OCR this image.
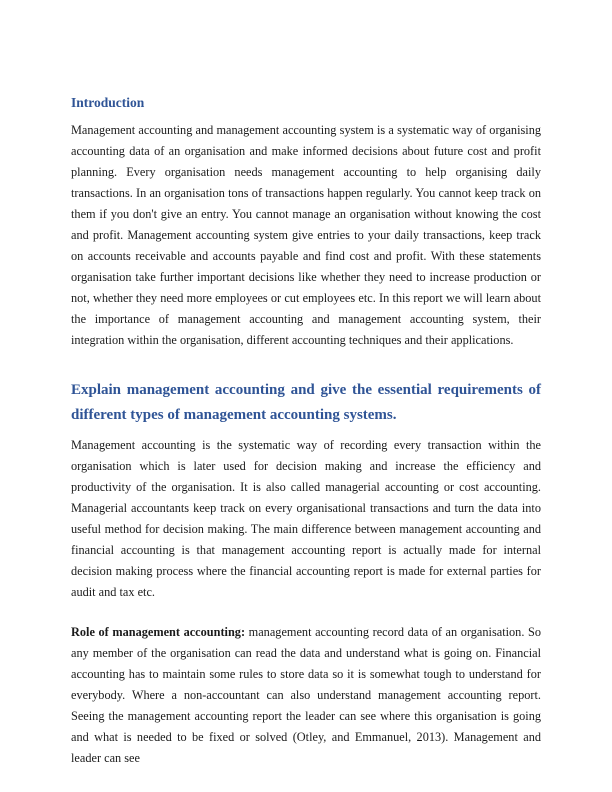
Introduction

Management accounting and management accounting system is a systematic way of organising accounting data of an organisation and make informed decisions about future cost and profit planning. Every organisation needs management accounting to help organising daily transactions. In an organisation tons of transactions happen regularly. You cannot keep track on them if you don't give an entry. You cannot manage an organisation without knowing the cost and profit. Management accounting system give entries to your daily transactions, keep track on accounts receivable and accounts payable and find cost and profit. With these statements organisation take further important decisions like whether they need to increase production or not, whether they need more employees or cut employees etc. In this report we will learn about the importance of management accounting and management accounting system, their integration within the organisation, different accounting techniques and their applications.

Explain management accounting and give the essential requirements of different types of management accounting systems.

Management accounting is the systematic way of recording every transaction within the organisation which is later used for decision making and increase the efficiency and productivity of the organisation. It is also called managerial accounting or cost accounting. Managerial accountants keep track on every organisational transactions and turn the data into useful method for decision making. The main difference between management accounting and financial accounting is that management accounting report is actually made for internal decision making process where the financial accounting report is made for external parties for audit and tax etc.

Role of management accounting: management accounting record data of an organisation. So any member of the organisation can read the data and understand what is going on. Financial accounting has to maintain some rules to store data so it is somewhat tough to understand for everybody. Where a non-accountant can also understand management accounting report. Seeing the management accounting report the leader can see where this organisation is going and what is needed to be fixed or solved (Otley, and Emmanuel, 2013). Management and leader can see
